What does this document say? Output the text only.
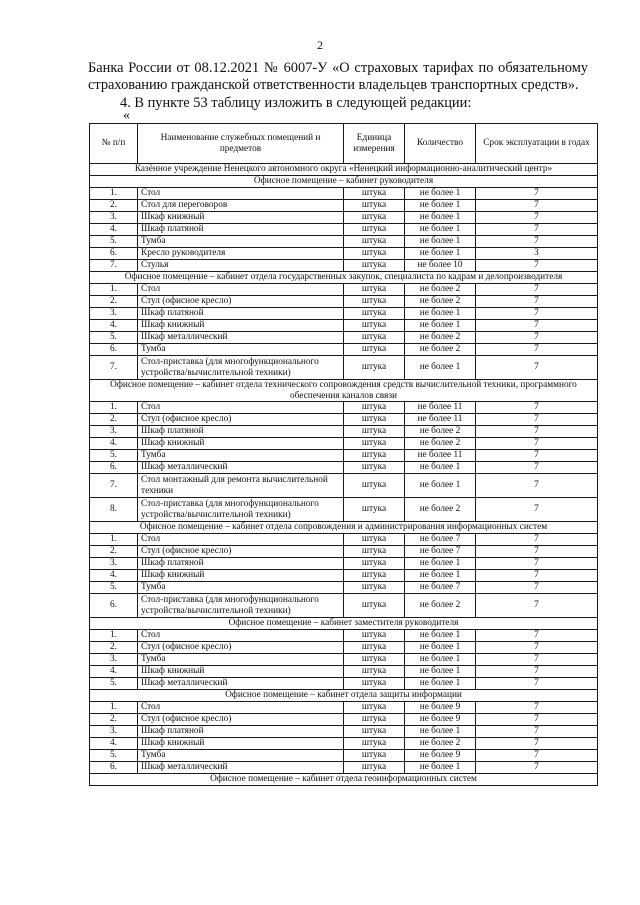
2

Банка России от 08.12.2021 № 6007-У «О страховых тарифах по обязательному страхованию гражданской ответственности владельцев транспортных средств».

4. В пункте 53 таблицу изложить в следующей редакции:

«
№ п/п	Наименование служебных помещений и предметов	Единица измерения	Количество	Срок эксплуатации в годах
Казённое учреждение Ненецкого автономного округа «Ненецкий информационно-аналитический центр»				
Офисное помещение – кабинет руководителя				
1.	Стол	штука	не более 1	7
2.	Стол для переговоров	штука	не более 1	7
3.	Шкаф книжный	штука	не более 1	7
4.	Шкаф платяной	штука	не более 1	7
5.	Тумба	штука	не более 1	7
6.	Кресло руководителя	штука	не более 1	3
7.	Стулья	штука	не более 10	7
Офисное помещение – кабинет отдела государственных закупок, специалиста по кадрам и делопроизводителя				
1.	Стол	штука	не более 2	7
2.	Стул (офисное кресло)	штука	не более 2	7
3.	Шкаф платяной	штука	не более 1	7
4.	Шкаф книжный	штука	не более 1	7
5.	Шкаф металлический	штука	не более 2	7
6.	Тумба	штука	не более 2	7
7.	Стол-приставка (для многофункционального устройства/вычислительной техники)	штука	не более 1	7
Офисное помещение – кабинет отдела технического сопровождения средств вычислительной техники, программного обеспечения каналов связи				
1.	Стол	штука	не более 11	7
2.	Стул (офисное кресло)	штука	не более 11	7
3.	Шкаф платяной	штука	не более 2	7
4.	Шкаф книжный	штука	не более 2	7
5.	Тумба	штука	не более 11	7
6.	Шкаф металлический	штука	не более 1	7
7.	Стол монтажный для ремонта вычислительной техники	штука	не более 1	7
8.	Стол-приставка (для многофункционального устройства/вычислительной техники)	штука	не более 2	7
Офисное помещение – кабинет отдела сопровождения и администрирования информационных систем				
1.	Стол	штука	не более 7	7
2.	Стул (офисное кресло)	штука	не более 7	7
3.	Шкаф платяной	штука	не более 1	7
4.	Шкаф книжный	штука	не более 1	7
5.	Тумба	штука	не более 7	7
6.	Стол-приставка (для многофункционального устройства/вычислительной техники)	штука	не более 2	7
Офисное помещение – кабинет заместителя руководителя				
1.	Стол	штука	не более 1	7
2.	Стул (офисное кресло)	штука	не более 1	7
3.	Тумба	штука	не более 1	7
4.	Шкаф книжный	штука	не более 1	7
5.	Шкаф металлический	штука	не более 1	7
Офисное помещение – кабинет отдела защиты информации				
1.	Стол	штука	не более 9	7
2.	Стул (офисное кресло)	штука	не более 9	7
3.	Шкаф платяной	штука	не более 1	7
4.	Шкаф книжный	штука	не более 2	7
5.	Тумба	штука	не более 9	7
6.	Шкаф металлический	штука	не более 1	7
Офисное помещение – кабинет отдела геоинформационных систем				
